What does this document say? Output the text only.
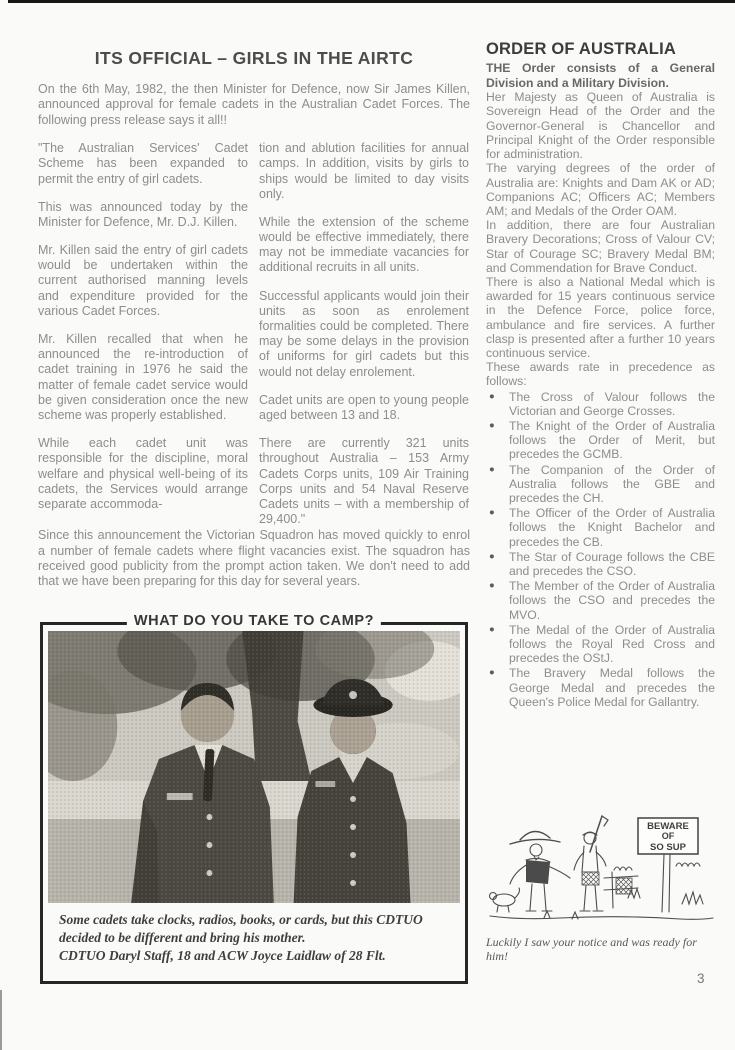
ITS OFFICIAL – GIRLS IN THE AIRTC

On the 6th May, 1982, the then Minister for Defence, now Sir James Killen, announced approval for female cadets in the Australian Cadet Forces. The following press release says it all!!

"The Australian Services' Cadet Scheme has been expanded to permit the entry of girl cadets.

This was announced today by the Minister for Defence, Mr. D.J. Killen.

Mr. Killen said the entry of girl cadets would be undertaken within the current authorised manning levels and expenditure provided for the various Cadet Forces.

Mr. Killen recalled that when he announced the re-introduction of cadet training in 1976 he said the matter of female cadet service would be given consideration once the new scheme was properly established.

While each cadet unit was responsible for the discipline, moral welfare and physical well-being of its cadets, the Services would arrange separate accommoda-

tion and ablution facilities for annual camps. In addition, visits by girls to ships would be limited to day visits only.

While the extension of the scheme would be effective immediately, there may not be immediate vacancies for additional recruits in all units.

Successful applicants would join their units as soon as enrolement formalities could be completed. There may be some delays in the provision of uniforms for girl cadets but this would not delay enrolement.

Cadet units are open to young people aged between 13 and 18.

There are currently 321 units throughout Australia – 153 Army Cadets Corps units, 109 Air Training Corps units and 54 Naval Reserve Cadets units – with a membership of 29,400."

Since this announcement the Victorian Squadron has moved quickly to enrol a number of female cadets where flight vacancies exist. The squadron has received good publicity from the prompt action taken. We don't need to add that we have been preparing for this day for several years.

WHAT DO YOU TAKE TO CAMP?
Some cadets take clocks, radios, books, or cards, but this CDTUO decided to be different and bring his mother.
CDTUO Daryl Staff, 18 and ACW Joyce Laidlaw of 28 Flt.
ORDER OF AUSTRALIA

THE Order consists of a General Division and a Military Division.

Her Majesty as Queen of Australia is Sovereign Head of the Order and the Governor-General is Chancellor and Principal Knight of the Order responsible for administration.

The varying degrees of the order of Australia are: Knights and Dam AK or AD; Companions AC; Officers AC; Members AM; and Medals of the Order OAM.

In addition, there are four Australian Bravery Decorations; Cross of Valour CV; Star of Courage SC; Bravery Medal BM; and Commendation for Brave Conduct.

There is also a National Medal which is awarded for 15 years continuous service in the Defence Force, police force, ambulance and fire services. A further clasp is presented after a further 10 years continuous service.

These awards rate in precedence as follows:

● The Cross of Valour follows the Victorian and George Crosses.
● The Knight of the Order of Australia follows the Order of Merit, but precedes the GCMB.
● The Companion of the Order of Australia follows the GBE and precedes the CH.
● The Officer of the Order of Australia follows the Knight Bachelor and precedes the CB.
● The Star of Courage follows the CBE and precedes the CSO.
● The Member of the Order of Australia follows the CSO and precedes the MVO.
● The Medal of the Order of Australia follows the Royal Red Cross and precedes the OStJ.
● The Bravery Medal follows the George Medal and precedes the Queen's Police Medal for Gallantry.
BEWARE
OF
SO SUP
Luckily I saw your notice and was ready for him!
3
